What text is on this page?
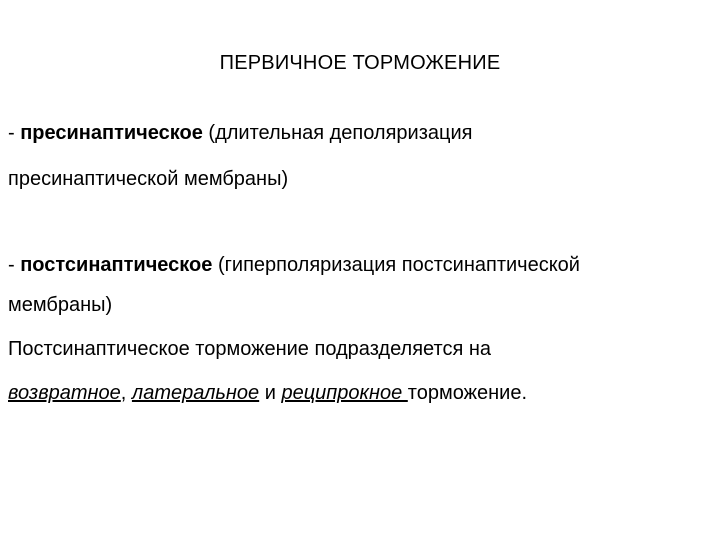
ПЕРВИЧНОЕ ТОРМОЖЕНИЕ
- пресинаптическое (длительная деполяризация
пресинаптической мембраны)
- постсинаптическое (гиперполяризация постсинаптической
мембраны)
Постсинаптическое торможение подразделяется на
возвратное, латеральное и реципрокное торможение.
